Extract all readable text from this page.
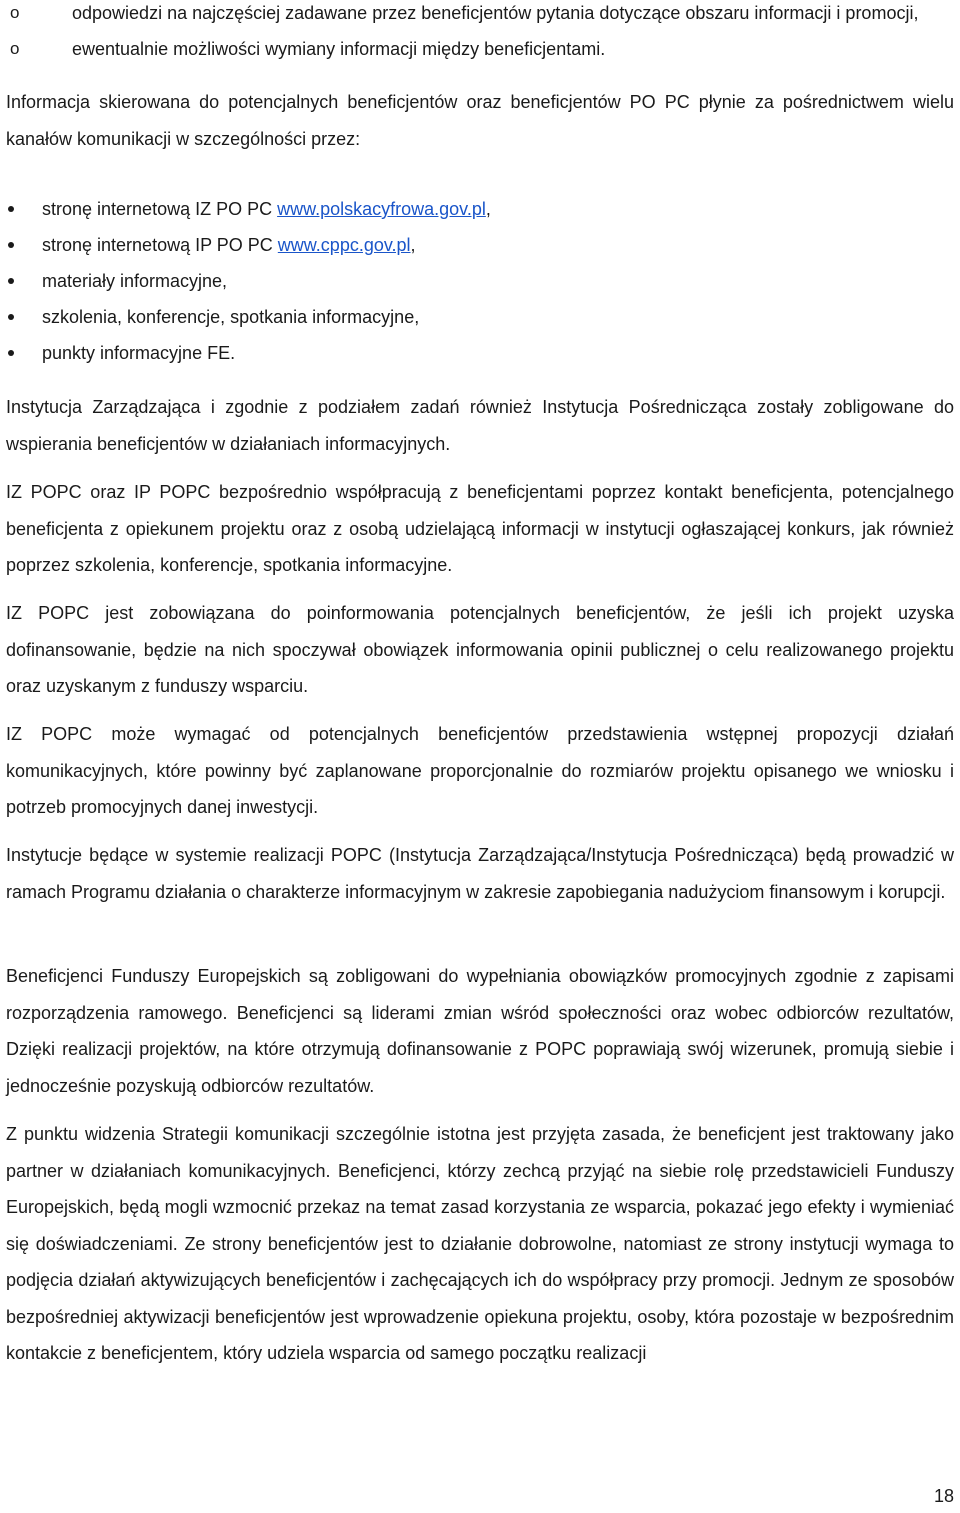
o	odpowiedzi na najczęściej zadawane przez beneficjentów pytania dotyczące obszaru informacji i promocji,
o	ewentualnie możliwości wymiany informacji między beneficjentami.

Informacja skierowana do potencjalnych beneficjentów oraz beneficjentów PO PC płynie za pośrednictwem wielu kanałów komunikacji w szczególności przez:

stronę internetową IZ PO PC www.polskacyfrowa.gov.pl,
stronę internetową IP PO PC www.cppc.gov.pl,
materiały informacyjne,
szkolenia, konferencje, spotkania informacyjne,
punkty informacyjne FE.

Instytucja Zarządzająca i zgodnie z podziałem zadań również Instytucja Pośrednicząca zostały zobligowane do wspierania beneficjentów w działaniach informacyjnych.

IZ POPC oraz IP POPC bezpośrednio współpracują z beneficjentami poprzez kontakt beneficjenta, potencjalnego beneficjenta z opiekunem projektu oraz z osobą udzielającą informacji w instytucji ogłaszającej konkurs, jak również poprzez szkolenia, konferencje, spotkania informacyjne.

IZ POPC jest zobowiązana do poinformowania potencjalnych beneficjentów, że jeśli ich projekt uzyska dofinansowanie, będzie na nich spoczywał obowiązek informowania opinii publicznej o celu realizowanego projektu oraz uzyskanym z funduszy wsparciu.

IZ POPC może wymagać od potencjalnych beneficjentów przedstawienia wstępnej propozycji działań komunikacyjnych, które powinny być zaplanowane proporcjonalnie do rozmiarów projektu opisanego we wniosku i potrzeb promocyjnych danej inwestycji.

Instytucje będące w systemie realizacji POPC (Instytucja Zarządzająca/Instytucja Pośrednicząca) będą prowadzić w ramach Programu działania o charakterze informacyjnym w zakresie zapobiegania nadużyciom finansowym i korupcji.

Beneficjenci Funduszy Europejskich są zobligowani do wypełniania obowiązków promocyjnych zgodnie z zapisami rozporządzenia ramowego. Beneficjenci są liderami zmian wśród społeczności oraz wobec odbiorców rezultatów, Dzięki realizacji projektów, na które otrzymują dofinansowanie z POPC poprawiają swój wizerunek, promują siebie i jednocześnie pozyskują odbiorców rezultatów.

Z punktu widzenia Strategii komunikacji szczególnie istotna jest przyjęta zasada, że beneficjent jest traktowany jako partner w działaniach komunikacyjnych. Beneficjenci, którzy zechcą przyjąć na siebie rolę przedstawicieli Funduszy Europejskich, będą mogli wzmocnić przekaz na temat zasad korzystania ze wsparcia, pokazać jego efekty i wymieniać się doświadczeniami. Ze strony beneficjentów jest to działanie dobrowolne, natomiast ze strony instytucji wymaga to podjęcia działań aktywizujących beneficjentów i zachęcających ich do współpracy przy promocji. Jednym ze sposobów bezpośredniej aktywizacji beneficjentów jest wprowadzenie opiekuna projektu, osoby, która pozostaje w bezpośrednim kontakcie z beneficjentem, który udziela wsparcia od samego początku realizacji

18
